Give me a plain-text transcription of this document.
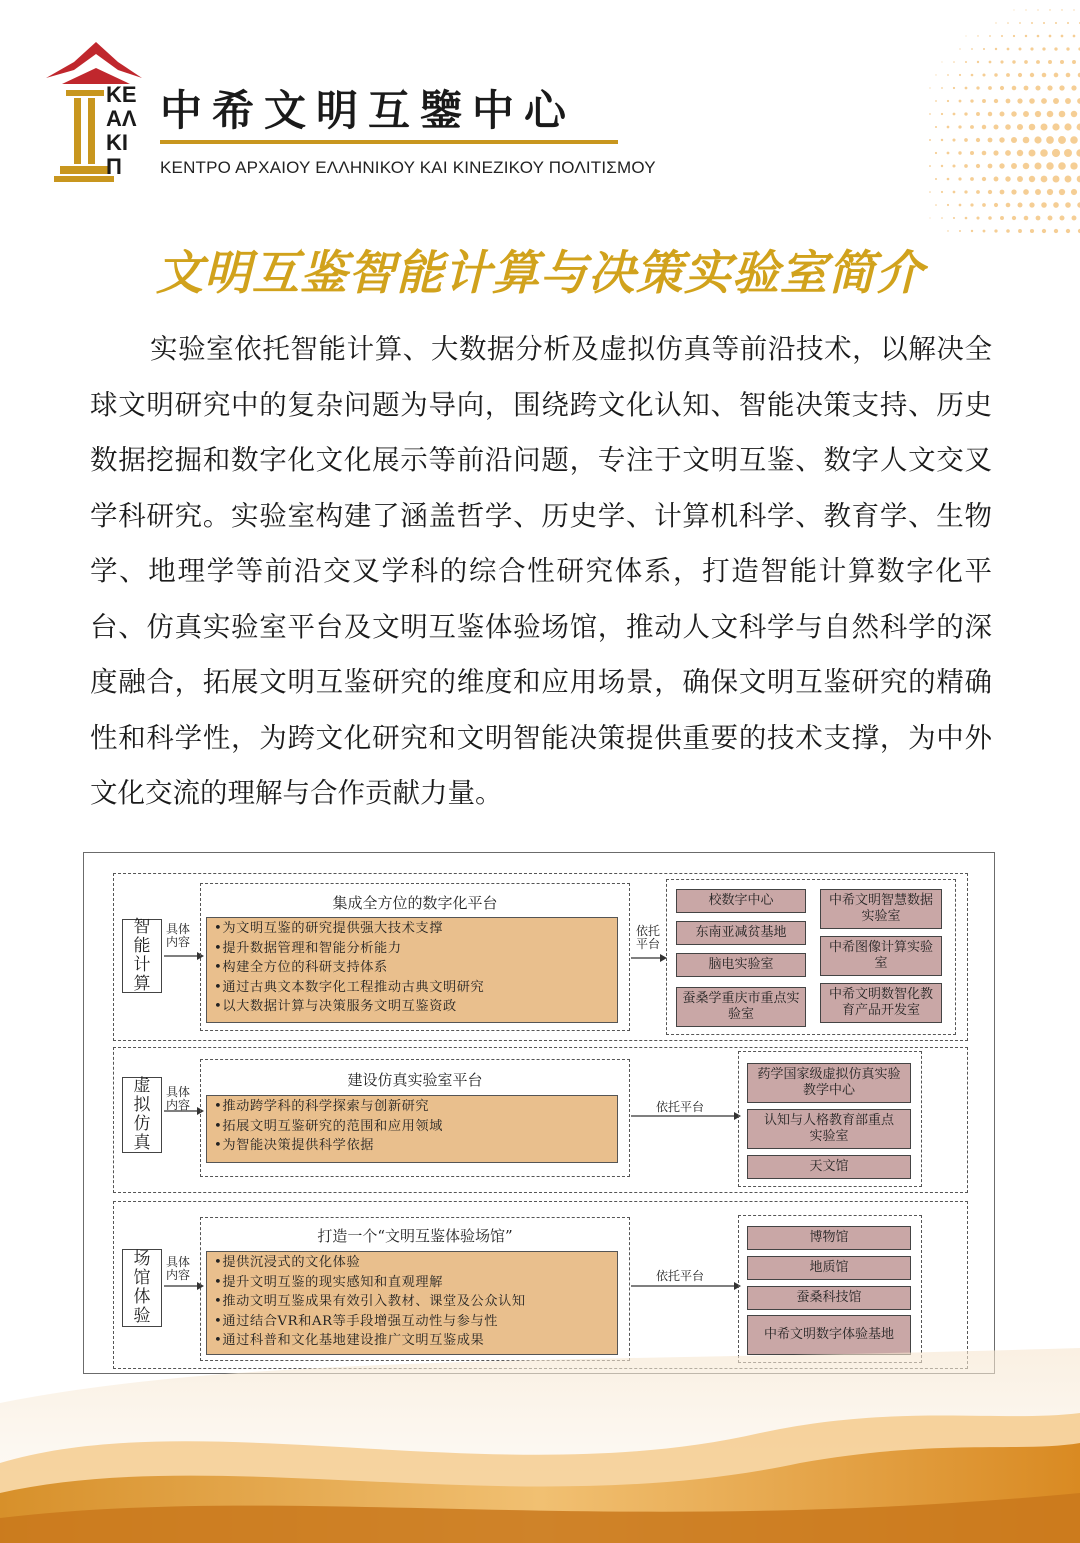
ΚΕ
ΑΛ
ΚΙ
Π
中希文明互鑒中心
ΚΕΝΤΡΟ ΑΡΧΑΙΟΥ ΕΛΛΗΝΙΚΟΥ ΚΑΙ ΚΙΝΕΖΙΚΟΥ ΠΟΛΙΤΙΣΜΟΥ
文明互鉴智能计算与决策实验室简介

实验室依托智能计算、大数据分析及虚拟仿真等前沿技术，以解决全球文明研究中的复杂问题为导向，围绕跨文化认知、智能决策支持、历史数据挖掘和数字化文化展示等前沿问题，专注于文明互鉴、数字人文交叉学科研究。实验室构建了涵盖哲学、历史学、计算机科学、教育学、生物学、地理学等前沿交叉学科的综合性研究体系，打造智能计算数字化平台、仿真实验室平台及文明互鉴体验场馆，推动人文科学与自然科学的深度融合，拓展文明互鉴研究的维度和应用场景，确保文明互鉴研究的精确性和科学性，为跨文化研究和文明智能决策提供重要的技术支撑，为中外文化交流的理解与合作贡献力量。

智
能
计
算
具体
内容
集成全方位的数字化平台
•为文明互鉴的研究提供强大技术支撑
•提升数据管理和智能分析能力
•构建全方位的科研支持体系
•通过古典文本数字化工程推动古典文明研究
•以大数据计算与决策服务文明互鉴资政
依托
平台
校数字中心
东南亚减贫基地
脑电实验室
蚕桑学重庆市重点实验室
中希文明智慧数据实验室
中希图像计算实验室
中希文明数智化教育产品开发室
虚
拟
仿
真
具体
内容
建设仿真实验室平台
•推动跨学科的科学探索与创新研究
•拓展文明互鉴研究的范围和应用领域
•为智能决策提供科学依据
依托平台
药学国家级虚拟仿真实验教学中心
认知与人格教育部重点实验室
天文馆
场
馆
体
验
具体
内容
打造一个“文明互鉴体验场馆”
•提供沉浸式的文化体验
•提升文明互鉴的现实感知和直观理解
•推动文明互鉴成果有效引入教材、课堂及公众认知
•通过结合VR和AR等手段增强互动性与参与性
•通过科普和文化基地建设推广文明互鉴成果
依托平台
博物馆
地质馆
蚕桑科技馆
中希文明数字体验基地
